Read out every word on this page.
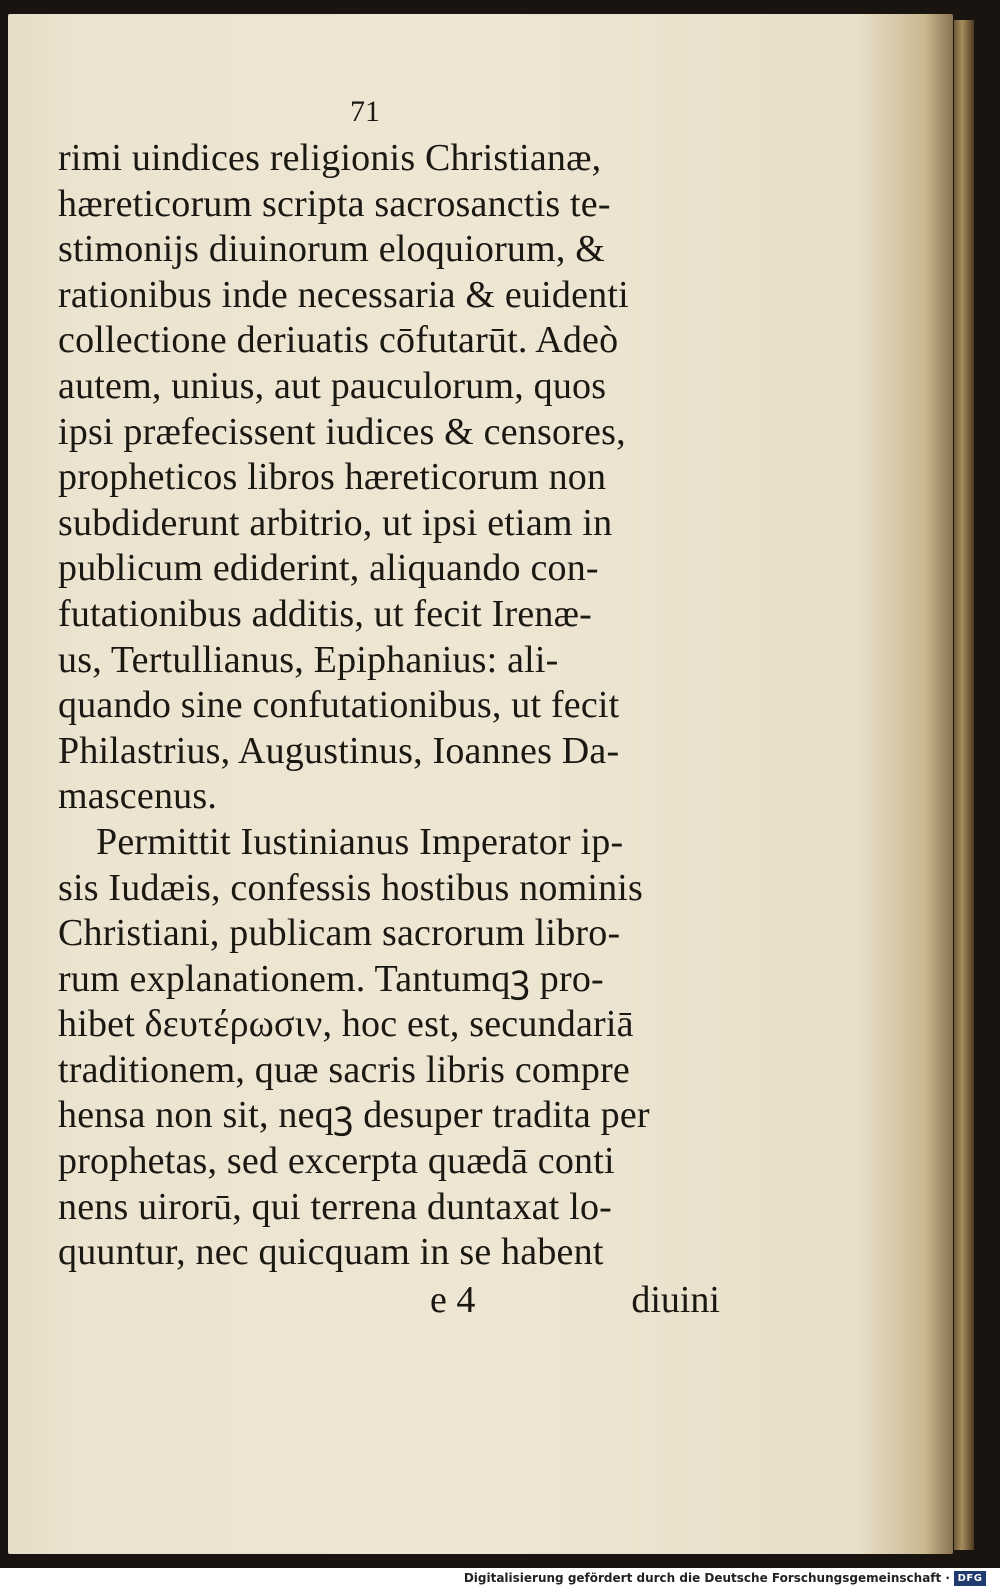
71
rimi uindices religionis Christianæ,
hæreticorum scripta sacrosanctis te-
stimonijs diuinorum eloquiorum, &
rationibus inde necessaria & euidenti
collectione deriuatis cōfutarūt. Adeò
autem, unius, aut pauculorum, quos
ipsi præfecissent iudices & censores,
propheticos libros hæreticorum non
subdiderunt arbitrio, ut ipsi etiam in
publicum ediderint, aliquando con-
futationibus additis, ut fecit Irenæ-
us, Tertullianus, Epiphanius: ali-
quando sine confutationibus, ut fecit
Philastrius, Augustinus, Ioannes Da-
mascenus.
Permittit Iustinianus Imperator ip-
sis Iudæis, confessis hostibus nominis
Christiani, publicam sacrorum libro-
rum explanationem. Tantumqꝫ pro-
hibet δευτέρωσιν, hoc est, secundariā
traditionem, quæ sacris libris compre
hensa non sit, neqꝫ desuper tradita per
prophetas, sed excerpta quædā conti
nens uirorū, qui terrena duntaxat lo-
quuntur, nec quicquam in se habent
e 4	diuini
Digitalisierung gefördert durch die Deutsche Forschungsgemeinschaft · DFG
